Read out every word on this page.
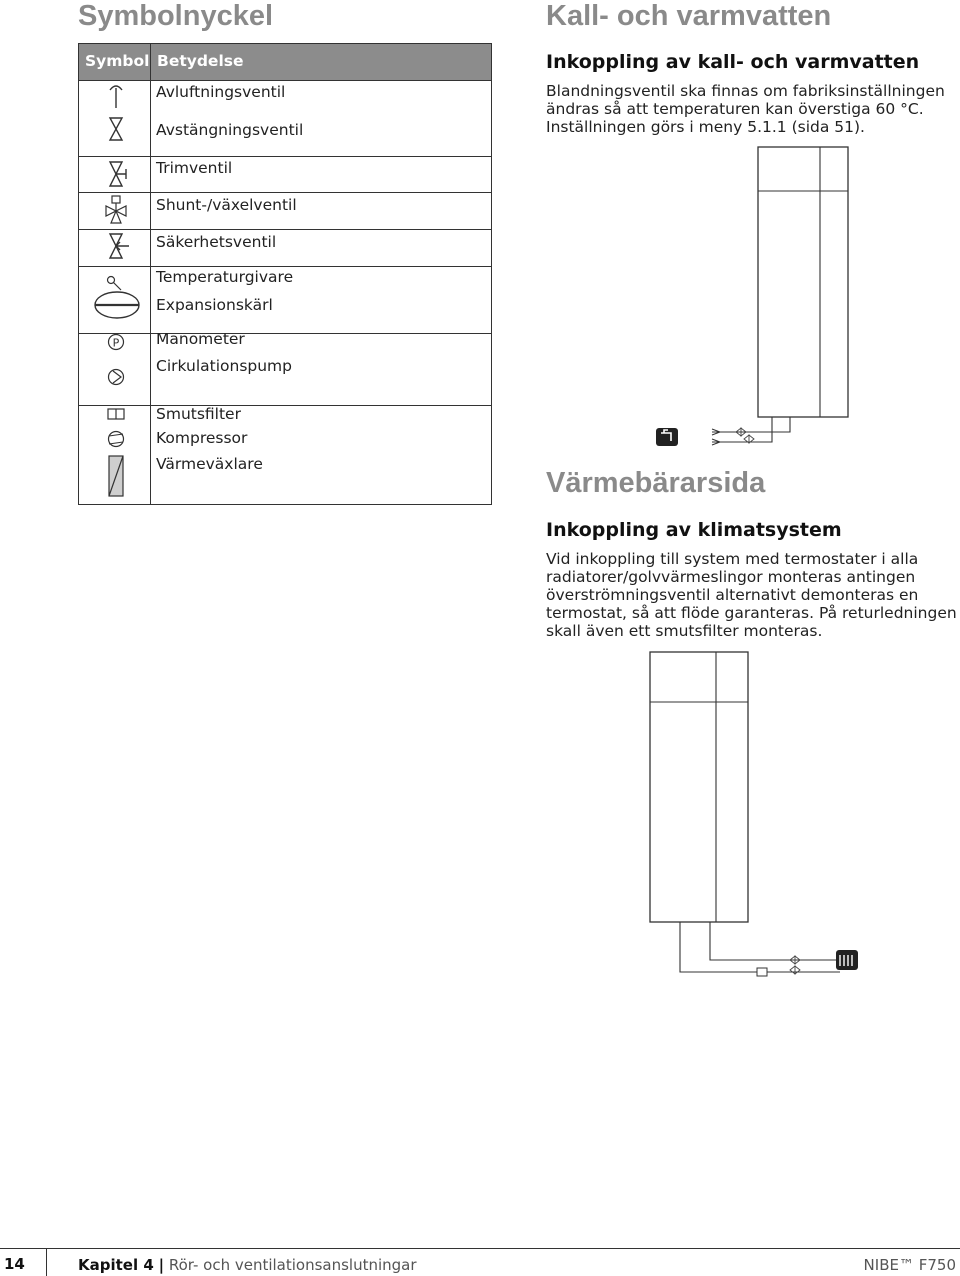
Symbolnyckel
Symbol Betydelse
Avluftningsventil
Avstängningsventil
Trimventil
Shunt-/växelventil
Säkerhetsventil
Temperaturgivare
Expansionskärl
P Manometer
Cirkulationspump
Smutsfilter
Kompressor
Värmeväxlare
Kall- och varmvatten
Inkoppling av kall- och varmvatten

Blandningsventil ska finnas om fabriksinställningen ändras så att temperaturen kan överstiga 60 °C. Inställningen görs i meny 5.1.1 (sida 51).

Värmebärarsida
Inkoppling av klimatsystem

Vid inkoppling till system med termostater i alla radiatorer/golvvärmeslingor monteras antingen överströmningsventil alternativt demonteras en termostat, så att flöde garanteras. På returledningen skall även ett smutsfilter monteras.

14	Kapitel 4 | Rör- och ventilationsanslutningar	NIBE™ F750
